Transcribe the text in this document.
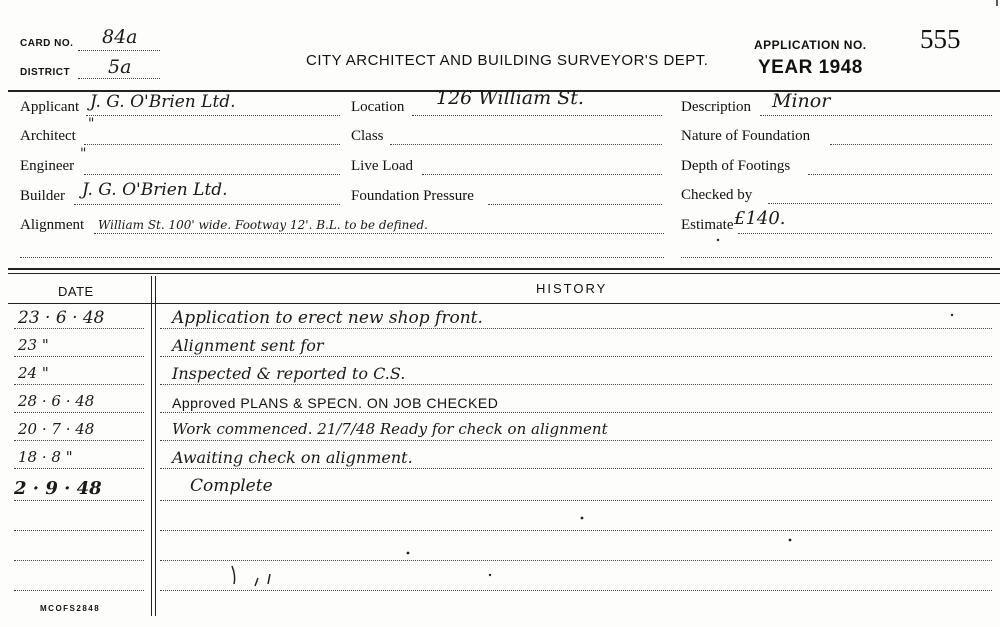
CARD NO. 84a
DISTRICT 5a	CITY ARCHITECT AND BUILDING SURVEYOR'S DEPT.
APPLICATION NO. 555
YEAR 1948
Applicant J. G. O'Brien Ltd.
Architect
"
Engineer
"
Builder J. G. O'Brien Ltd.
Alignment William St. 100' wide. Footway 12'. B.L. to be defined.
Location 126 William St.
Class
Live Load
Foundation Pressure
Description Minor
Nature of Foundation
Depth of Footings
Checked by
Estimate £140.
DATE	HISTORY
23 · 6 · 48	Application to erect new shop front.
23 "	Alignment sent for
24 "	Inspected & reported to C.S.
28 · 6 · 48	Approved PLANS & SPECN. ON JOB CHECKED
20 · 7 · 48	Work commenced. 21/7/48 Ready for check on alignment
18 · 8 "	Awaiting check on alignment.
2 · 9 · 48	Complete
MCOFS2848
